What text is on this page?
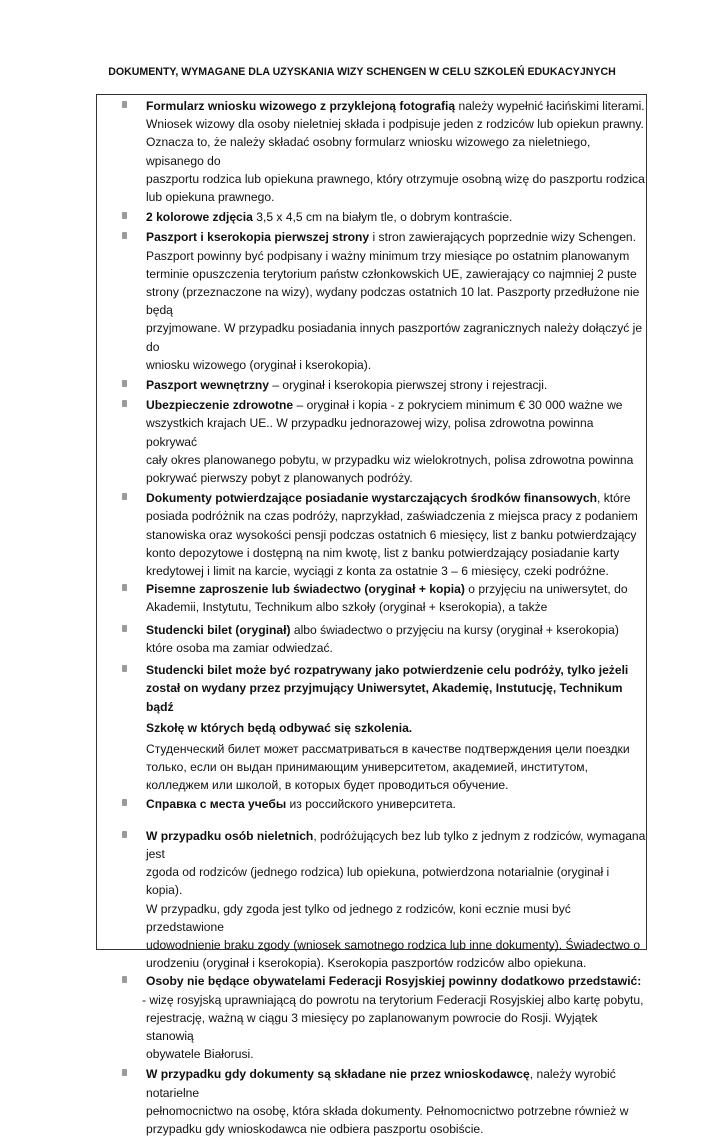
DOKUMENTY, WYMAGANE DLA UZYSKANIA WIZY SCHENGEN W CELU SZKOLEŃ EDUKACYJNYCH

Formularz wniosku wizowego z przyklejoną fotografią należy wypełnić łacińskimi literami.

Wniosek wizowy dla osoby nieletniej składa i podpisuje jeden z rodziców lub opiekun prawny.

Oznacza to, że należy składać osobny formularz wniosku wizowego za nieletniego, wpisanego do

paszportu rodzica lub opiekuna prawnego, który otrzymuje osobną wizę do paszportu rodzica

lub opiekuna prawnego.

2 kolorowe zdjęcia 3,5 x 4,5 cm na białym tle, o dobrym kontraście.

Paszport i kserokopia pierwszej strony i stron zawierających poprzednie wizy Schengen.

Paszport powinny być podpisany i ważny minimum trzy miesiące po ostatnim planowanym

terminie opuszczenia terytorium państw członkowskich UE, zawierający co najmniej 2 puste

strony (przeznaczone na wizy), wydany podczas ostatnich 10 lat. Paszporty przedłużone nie będą

przyjmowane. W przypadku posiadania innych paszportów zagranicznych należy dołączyć je do

wniosku wizowego (oryginał i kserokopia).

Paszport wewnętrzny – oryginał i kserokopia pierwszej strony i rejestracji.

Ubezpieczenie zdrowotne – oryginał i kopia - z pokryciem minimum € 30 000 ważne we

wszystkich krajach UE.. W przypadku jednorazowej wizy, polisa zdrowotna powinna pokrywać

cały okres planowanego pobytu, w przypadku wiz wielokrotnych, polisa zdrowotna powinna

pokrywać pierwszy pobyt z planowanych podróży.

Dokumenty potwierdzające posiadanie wystarczających środków finansowych, które

posiada podróżnik na czas podróży, naprzykład, zaświadczenia z miejsca pracy z podaniem

stanowiska oraz wysokości pensji podczas ostatnich 6 miesięcy, list z banku potwierdzający

konto depozytowe i dostępną na nim kwotę, list z banku potwierdzający posiadanie karty

kredytowej i limit na karcie, wyciągi z konta za ostatnie 3 – 6 miesięcy, czeki podróżne.

Pisemne zaproszenie lub świadectwo (oryginał + kopia) o przyjęciu na uniwersytet, do

Akademii, Instytutu, Technikum albo szkoły (oryginał + kserokopia), a także

Studencki bilet (oryginał) albo świadectwo o przyjęciu na kursy (oryginał + kserokopia)

które osoba ma zamiar odwiedzać.

Studencki bilet może być rozpatrywany jako potwierdzenie celu podróży, tylko jeżeli

został on wydany przez przyjmujący Uniwersytet, Akademię, Instutucję, Technikum bądź

Szkołę w których będą odbywać się szkolenia.

Студенческий билет может рассматриваться в качестве подтверждения цели поездки

только, если он выдан принимающим университетом, академией, институтом,

колледжем или школой, в которых будет проводиться обучение.

Справка с места учебы из российского университета.

W przypadku osób nieletnich, podróżujących bez lub tylko z jednym z rodziców, wymagana jest

zgoda od rodziców (jednego rodzica) lub opiekuna, potwierdzona notarialnie (oryginał i kopia).

W przypadku, gdy zgoda jest tylko od jednego z rodziców, koni ecznie musi być przedstawione

udowodnienie braku zgody (wniosek samotnego rodzica lub inne dokumenty). Świadectwo o

urodzeniu (oryginał i kserokopia). Kserokopia paszportów rodziców albo opiekuna.

Osoby nie będące obywatelami Federacji Rosyjskiej powinny dodatkowo przedstawić:

- wizę rosyjską uprawniającą do powrotu na terytorium Federacji Rosyjskiej albo kartę pobytu,

rejestrację, ważną w ciągu 3 miesięcy po zaplanowanym powrocie do Rosji. Wyjątek stanowią

obywatele Białorusi.

W przypadku gdy dokumenty są składane nie przez wnioskodawcę, należy wyrobić notarielne

pełnomocnictwo na osobę, która składa dokumenty. Pełnomocnictwo potrzebne również w

przypadku gdy wnioskodawca nie odbiera paszportu osobiście.
